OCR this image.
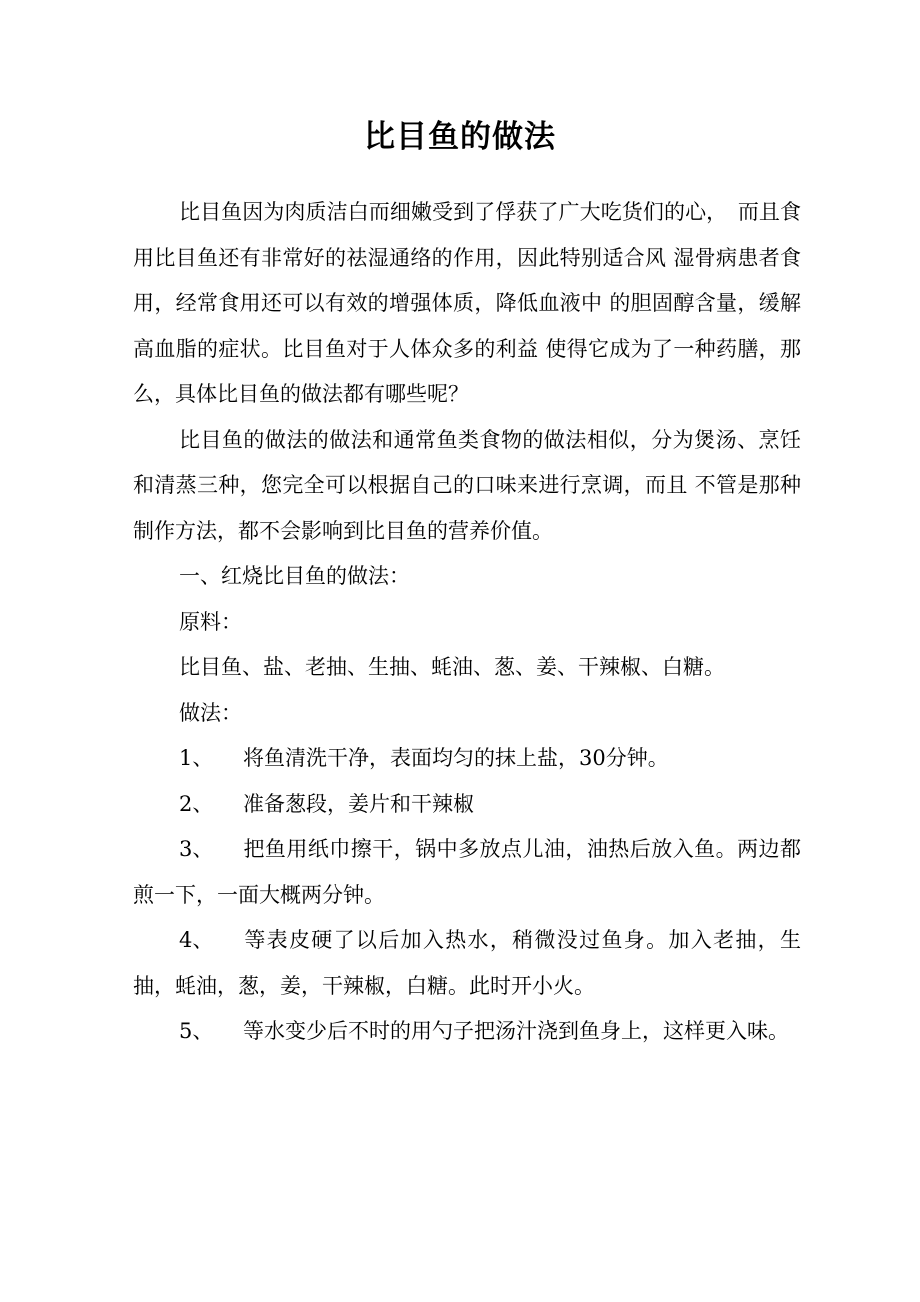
比目鱼的做法

比目鱼因为肉质洁白而细嫩受到了俘获了广大吃货们的心，　而且食用比目鱼还有非常好的祛湿通络的作用，因此特别适合风 湿骨病患者食用，经常食用还可以有效的增强体质，降低血液中 的胆固醇含量，缓解高血脂的症状。比目鱼对于人体众多的利益 使得它成为了一种药膳，那么，具体比目鱼的做法都有哪些呢？

比目鱼的做法的做法和通常鱼类食物的做法相似，分为煲汤、烹饪和清蒸三种，您完全可以根据自己的口味来进行烹调，而且 不管是那种制作方法，都不会影响到比目鱼的营养价值。

一、红烧比目鱼的做法：

原料：

比目鱼、盐、老抽、生抽、蚝油、葱、姜、干辣椒、白糖。

做法：

1、 将鱼清洗干净，表面均匀的抹上盐，30分钟。

2、 准备葱段，姜片和干辣椒

3、 把鱼用纸巾擦干，锅中多放点儿油，油热后放入鱼。两边都煎一下，一面大概两分钟。

4、 等表皮硬了以后加入热水，稍微没过鱼身。加入老抽，生抽，蚝油，葱，姜，干辣椒，白糖。此时开小火。

5、 等水变少后不时的用勺子把汤汁浇到鱼身上，这样更入味。
